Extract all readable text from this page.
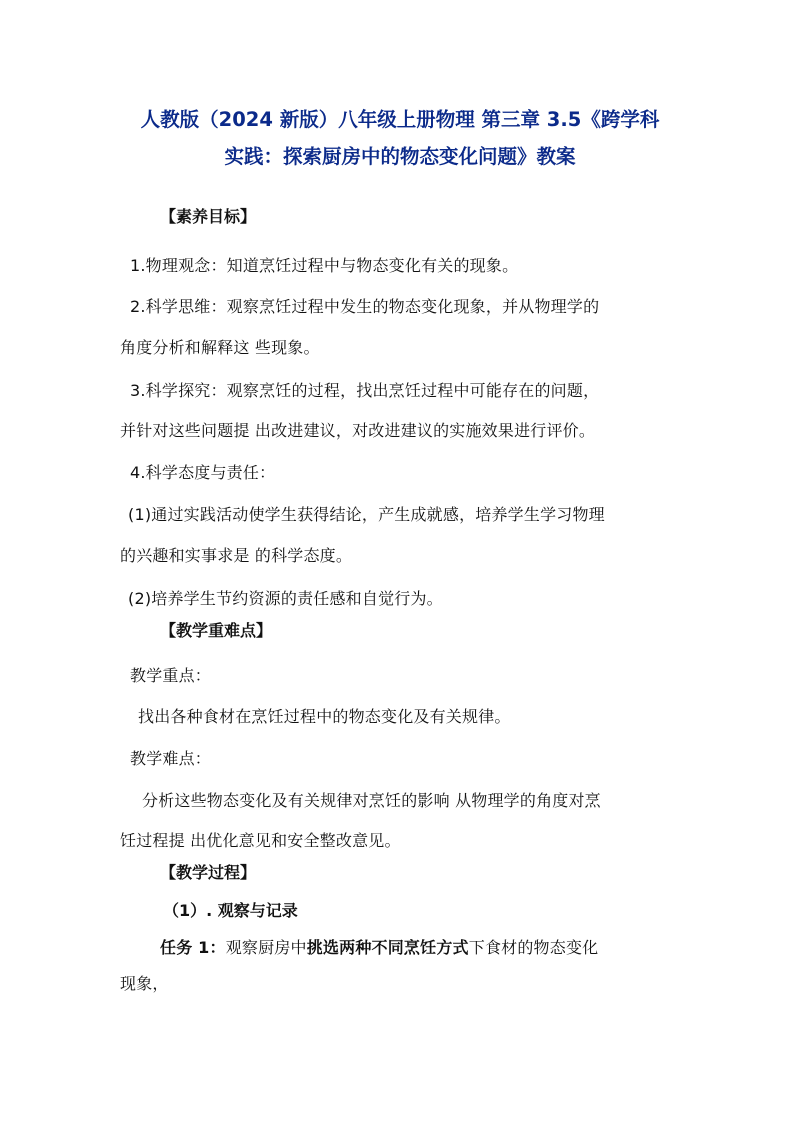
人教版（2024 新版）八年级上册物理 第三章 3.5《跨学科
实践：探索厨房中的物态变化问题》教案
【素养目标】
1.物理观念：知道烹饪过程中与物态变化有关的现象。
2.科学思维：观察烹饪过程中发生的物态变化现象，并从物理学的
角度分析和解释这 些现象。
3.科学探究：观察烹饪的过程，找出烹饪过程中可能存在的问题，
并针对这些问题提 出改进建议，对改进建议的实施效果进行评价。
4.科学态度与责任：
(1)通过实践活动使学生获得结论，产生成就感，培养学生学习物理
的兴趣和实事求是 的科学态度。
(2)培养学生节约资源的责任感和自觉行为。
【教学重难点】
教学重点：
找出各种食材在烹饪过程中的物态变化及有关规律。
教学难点：
分析这些物态变化及有关规律对烹饪的影响 从物理学的角度对烹
饪过程提 出优化意见和安全整改意见。
【教学过程】
（1）. 观察与记录
任务 1：观察厨房中挑选两种不同烹饪方式下食材的物态变化
现象，
